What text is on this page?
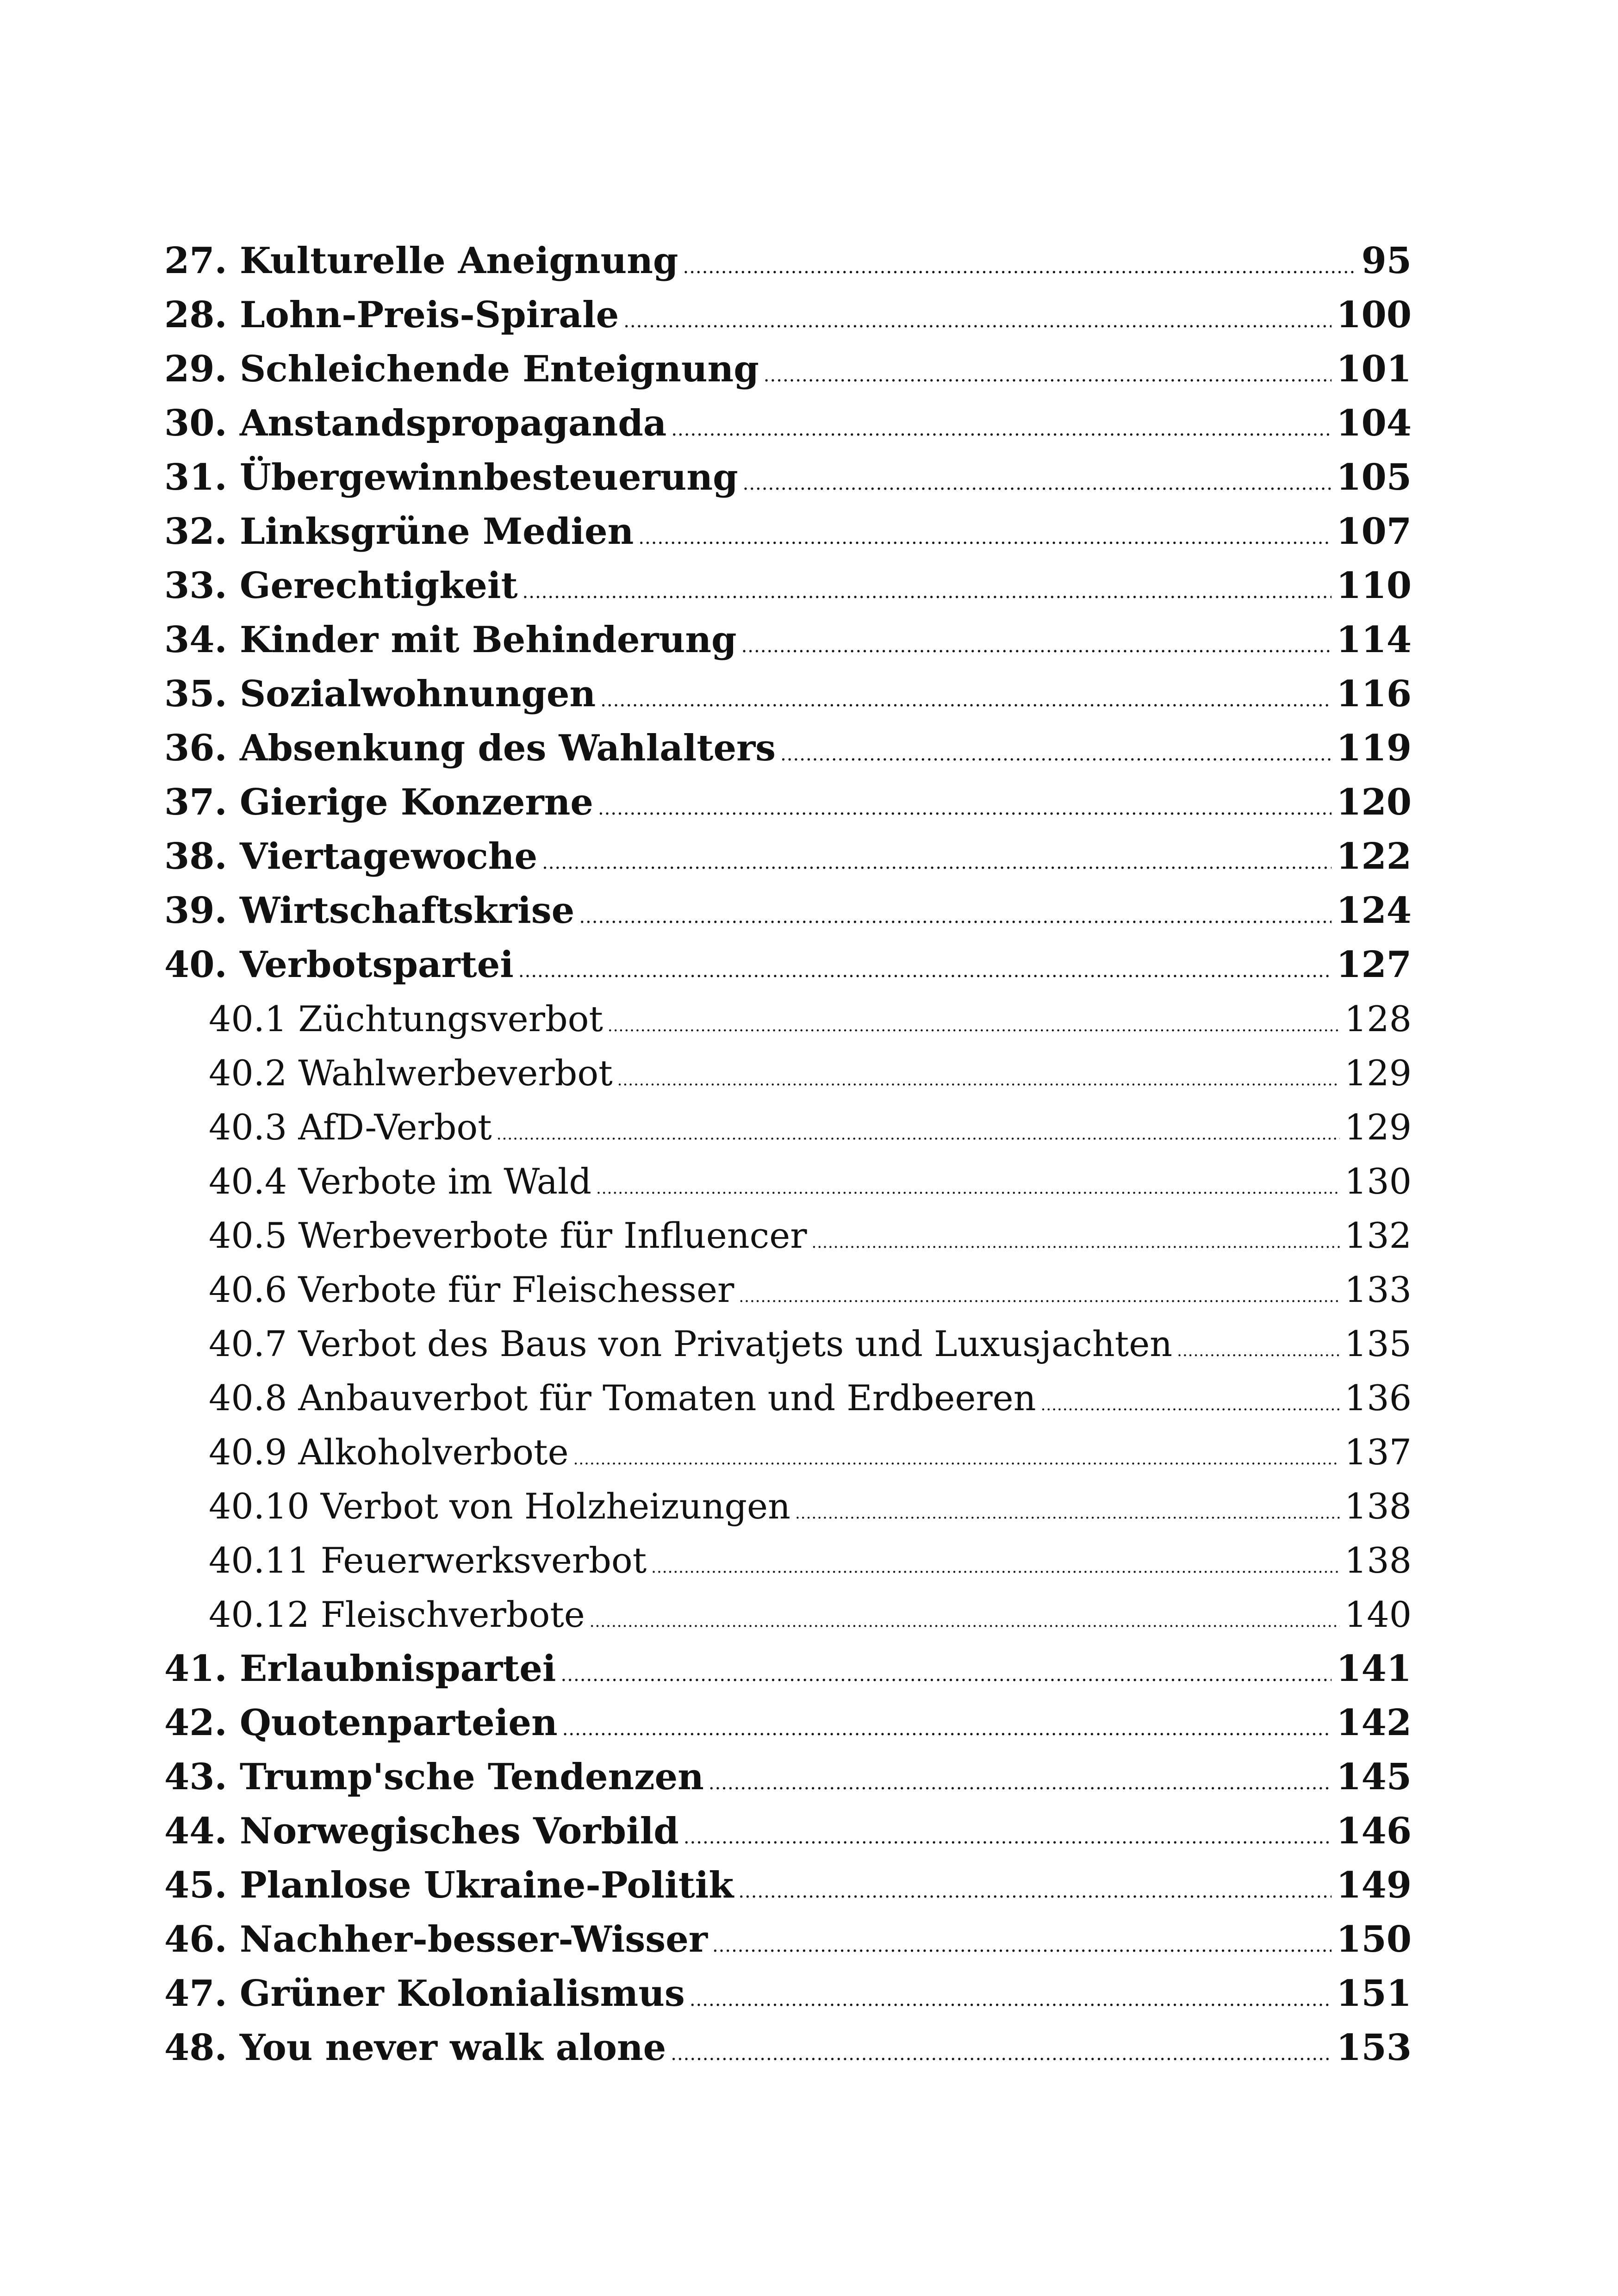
27. Kulturelle Aneignung .....	95
28. Lohn-Preis-Spirale .....	100
29. Schleichende Enteignung .....	101
30. Anstandspropaganda .....	104
31. Übergewinnbesteuerung .....	105
32. Linksgrüne Medien .....	107
33. Gerechtigkeit .....	110
34. Kinder mit Behinderung .....	114
35. Sozialwohnungen .....	116
36. Absenkung des Wahlalters .....	119
37. Gierige Konzerne .....	120
38. Viertagewoche .....	122
39. Wirtschaftskrise .....	124
40. Verbotspartei .....	127
40.1 Züchtungsverbot .....	128
40.2 Wahlwerbeverbot .....	129
40.3 AfD-Verbot .....	129
40.4 Verbote im Wald .....	130
40.5 Werbeverbote für Influencer .....	132
40.6 Verbote für Fleischesser .....	133
40.7 Verbot des Baus von Privatjets und Luxusjachten .....	135
40.8 Anbauverbot für Tomaten und Erdbeeren .....	136
40.9 Alkoholverbote .....	137
40.10 Verbot von Holzheizungen .....	138
40.11 Feuerwerksverbot .....	138
40.12 Fleischverbote .....	140
41. Erlaubnispartei .....	141
42. Quotenparteien .....	142
43. Trump'sche Tendenzen .....	145
44. Norwegisches Vorbild .....	146
45. Planlose Ukraine-Politik .....	149
46. Nachher-besser-Wisser .....	150
47. Grüner Kolonialismus .....	151
48. You never walk alone .....	153
